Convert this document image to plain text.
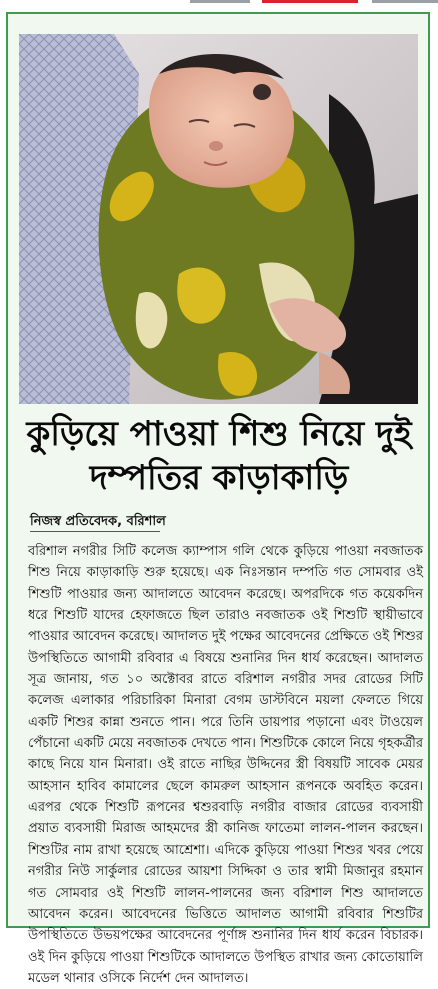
কুড়িয়ে পাওয়া শিশু নিয়ে দুই
দম্পতির কাড়াকাড়ি
নিজস্ব প্রতিবেদক, বরিশাল

বরিশাল নগরীর সিটি কলেজ ক্যাম্পাস গলি থেকে কুড়িয়ে পাওয়া নবজাতক শিশু নিয়ে কাড়াকাড়ি শুরু হয়েছে। এক নিঃসন্তান দম্পতি গত সোমবার ওই শিশুটি পাওয়ার জন্য আদালতে আবেদন করেছে। অপরদিকে গত কয়েকদিন ধরে শিশুটি যাদের হেফাজতে ছিল তারাও নবজাতক ওই শিশুটি স্থায়ীভাবে পাওয়ার আবেদন করেছে। আদালত দুই পক্ষের আবেদনের প্রেক্ষিতে ওই শিশুর উপস্থিতিতে আগামী রবিবার এ বিষয়ে শুনানির দিন ধার্য করেছেন। আদালত সূত্র জানায়, গত ১০ অক্টোবর রাতে বরিশাল নগরীর সদর রোডের সিটি কলেজ এলাকার পরিচারিকা মিনারা বেগম ডাস্টবিনে ময়লা ফেলতে গিয়ে একটি শিশুর কান্না শুনতে পান। পরে তিনি ডায়পার পড়ানো এবং টাওয়েল পেঁচানো একটি মেয়ে নবজাতক দেখতে পান। শিশুটিকে কোলে নিয়ে গৃহকর্ত্রীর কাছে নিয়ে যান মিনারা। ওই রাতে নাছির উদ্দিনের স্ত্রী বিষয়টি সাবেক মেয়র আহসান হাবিব কামালের ছেলে কামরুল আহসান রূপনকে অবহিত করেন। এরপর থেকে শিশুটি রূপনের শ্বশুরবাড়ি নগরীর বাজার রোডের ব্যবসায়ী প্রয়াত ব্যবসায়ী মিরাজ আহমদের স্ত্রী কানিজ ফাতেমা লালন-পালন করছেন। শিশুটির নাম রাখা হয়েছে আশ্রেশা। এদিকে কুড়িয়ে পাওয়া শিশুর খবর পেয়ে নগরীর নিউ সার্কুলার রোডের আয়শা সিদ্দিকা ও তার স্বামী মিজানুর রহমান গত সোমবার ওই শিশুটি লালন-পালনের জন্য বরিশাল শিশু আদালতে আবেদন করেন। আবেদনের ভিত্তিতে আদালত আগামী রবিবার শিশুটির উপস্থিতিতে উভয়পক্ষের আবেদনের পূর্ণাঙ্গ শুনানির দিন ধার্য করেন বিচারক। ওই দিন কুড়িয়ে পাওয়া শিশুটিকে আদালতে উপস্থিত রাখার জন্য কোতোয়ালি মডেল থানার ওসিকে নির্দেশ দেন আদালত।
